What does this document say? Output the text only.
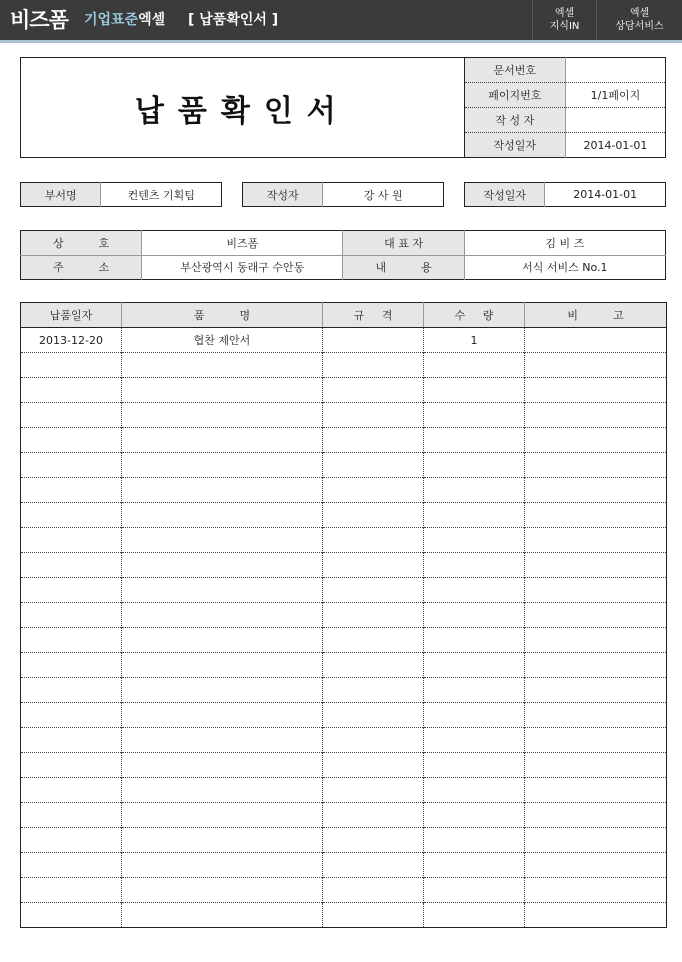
비즈폼 기업표준엑셀 [ 납품확인서 ]	엑셀
지식IN
엑셀
상담서비스
납품확인서	문서번호	
	페이지번호	1/1페이지
	작 성 자	
	작성일자	2014-01-01
부서명	컨텐츠 기획팀	작성자	강 사 원	작성일자	2014-01-01
상          호	비즈폼	대 표 자	김 비 즈
주          소	부산광역시 동래구 수안동	내          용	서식 서비스 No.1
납품일자	품          명	규     격	수     량	비          고
2013-12-20	협찬 제안서		1	
